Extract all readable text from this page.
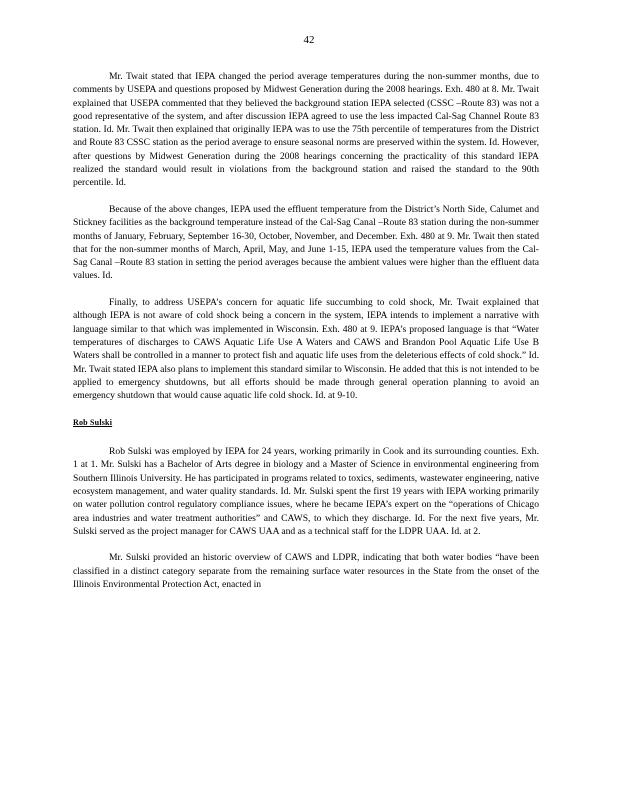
42

Mr. Twait stated that IEPA changed the period average temperatures during the non-summer months, due to comments by USEPA and questions proposed by Midwest Generation during the 2008 hearings. Exh. 480 at 8. Mr. Twait explained that USEPA commented that they believed the background station IEPA selected (CSSC –Route 83) was not a good representative of the system, and after discussion IEPA agreed to use the less impacted Cal-Sag Channel Route 83 station. Id. Mr. Twait then explained that originally IEPA was to use the 75th percentile of temperatures from the District and Route 83 CSSC station as the period average to ensure seasonal norms are preserved within the system. Id. However, after questions by Midwest Generation during the 2008 hearings concerning the practicality of this standard IEPA realized the standard would result in violations from the background station and raised the standard to the 90th percentile. Id.

Because of the above changes, IEPA used the effluent temperature from the District’s North Side, Calumet and Stickney facilities as the background temperature instead of the Cal-Sag Canal –Route 83 station during the non-summer months of January, February, September 16-30, October, November, and December. Exh. 480 at 9. Mr. Twait then stated that for the non-summer months of March, April, May, and June 1-15, IEPA used the temperature values from the Cal-Sag Canal –Route 83 station in setting the period averages because the ambient values were higher than the effluent data values. Id.

Finally, to address USEPA’s concern for aquatic life succumbing to cold shock, Mr. Twait explained that although IEPA is not aware of cold shock being a concern in the system, IEPA intends to implement a narrative with language similar to that which was implemented in Wisconsin. Exh. 480 at 9. IEPA’s proposed language is that “Water temperatures of discharges to CAWS Aquatic Life Use A Waters and CAWS and Brandon Pool Aquatic Life Use B Waters shall be controlled in a manner to protect fish and aquatic life uses from the deleterious effects of cold shock.” Id. Mr. Twait stated IEPA also plans to implement this standard similar to Wisconsin. He added that this is not intended to be applied to emergency shutdowns, but all efforts should be made through general operation planning to avoid an emergency shutdown that would cause aquatic life cold shock. Id. at 9-10.

Rob Sulski

Rob Sulski was employed by IEPA for 24 years, working primarily in Cook and its surrounding counties. Exh. 1 at 1. Mr. Sulski has a Bachelor of Arts degree in biology and a Master of Science in environmental engineering from Southern Illinois University. He has participated in programs related to toxics, sediments, wastewater engineering, native ecosystem management, and water quality standards. Id. Mr. Sulski spent the first 19 years with IEPA working primarily on water pollution control regulatory compliance issues, where he became IEPA’s expert on the “operations of Chicago area industries and water treatment authorities” and CAWS, to which they discharge. Id. For the next five years, Mr. Sulski served as the project manager for CAWS UAA and as a technical staff for the LDPR UAA. Id. at 2.

Mr. Sulski provided an historic overview of CAWS and LDPR, indicating that both water bodies “have been classified in a distinct category separate from the remaining surface water resources in the State from the onset of the Illinois Environmental Protection Act, enacted in
